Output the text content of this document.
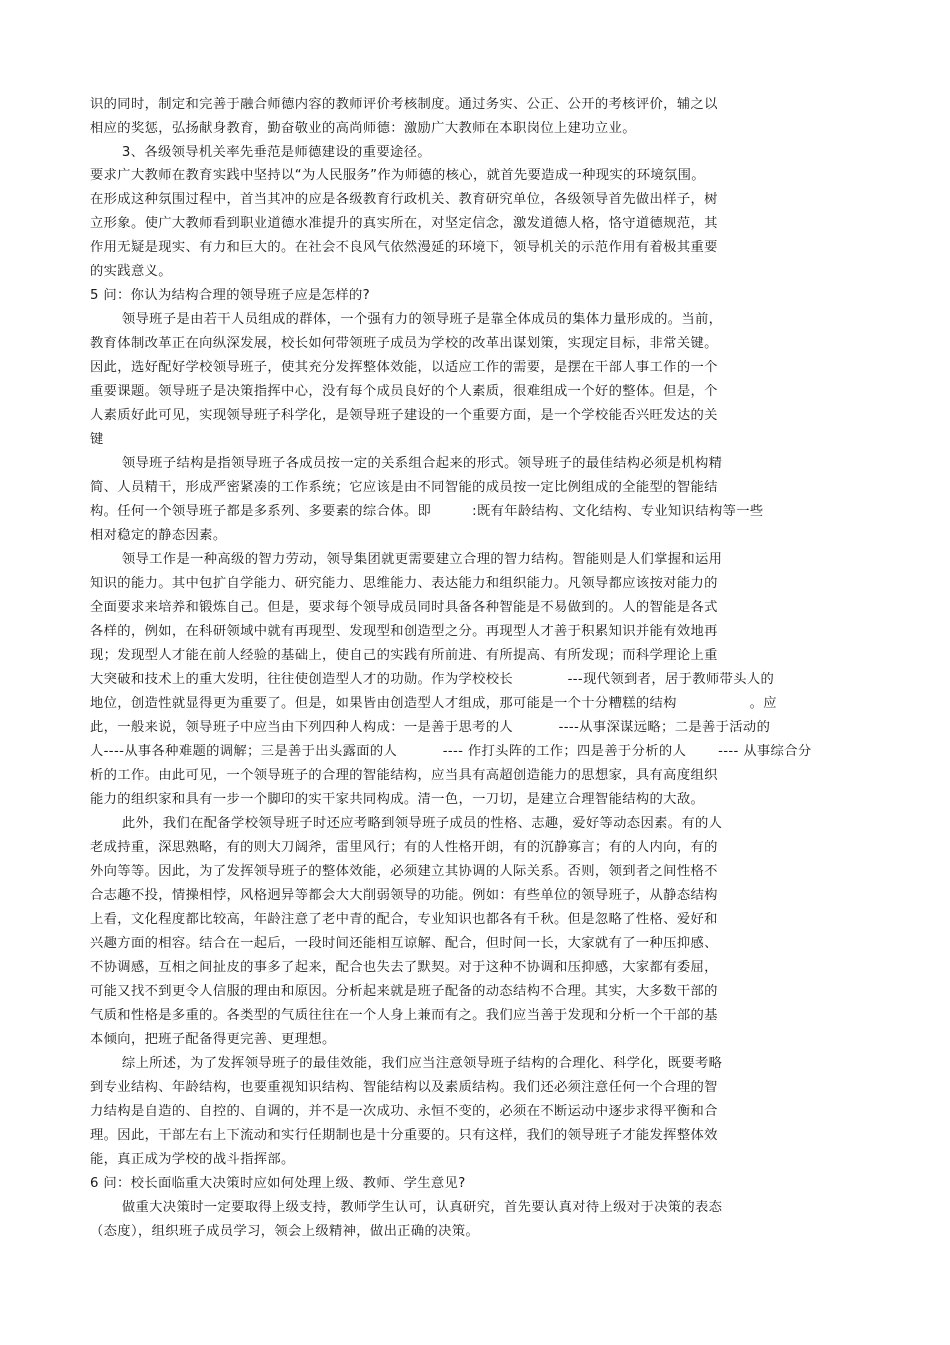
识的同时，制定和完善于融合师德内容的教师评价考核制度。通过务实、公正、公开的考核评价，辅之以
相应的奖惩，弘扬献身教育，勤奋敬业的高尚师德：激励广大教师在本职岗位上建功立业。
　　 3、各级领导机关率先垂范是师德建设的重要途径。
要求广大教师在教育实践中坚持以“为人民服务”作为师德的核心，就首先要造成一种现实的环境氛围。
在形成这种氛围过程中，首当其冲的应是各级教育行政机关、教育研究单位，各级领导首先做出样子，树
立形象。使广大教师看到职业道德水准提升的真实所在，对坚定信念，激发道德人格，恪守道德规范，其
作用无疑是现实、有力和巨大的。在社会不良风气依然漫延的环境下，领导机关的示范作用有着极其重要
的实践意义。
5 问：你认为结构合理的领导班子应是怎样的?
　　 领导班子是由若干人员组成的群体，一个强有力的领导班子是靠全体成员的集体力量形成的。当前，
教育体制改革正在向纵深发展，校长如何带领班子成员为学校的改革出谋划策，实现定目标，非常关键。
因此，选好配好学校领导班子，使其充分发挥整体效能，以适应工作的需要，是摆在干部人事工作的一个
重要课题。领导班子是决策指挥中心，没有每个成员良好的个人素质，很难组成一个好的整体。但是，个
人素质好此可见，实现领导班子科学化，是领导班子建设的一个重要方面，是一个学校能否兴旺发达的关
键
　　 领导班子结构是指领导班子各成员按一定的关系组合起来的形式。领导班子的最佳结构必须是机构精
简、人员精干，形成严密紧凑的工作系统；它应该是由不同智能的成员按一定比例组成的全能型的智能结
构。任何一个领导班子都是多系列、多要素的综合体。即　　　:既有年龄结构、文化结构、专业知识结构等一些
相对稳定的静态因素。
　　 领导工作是一种高级的智力劳动，领导集团就更需要建立合理的智力结构。智能则是人们掌握和运用
知识的能力。其中包扩自学能力、研究能力、思维能力、表达能力和组织能力。凡领导都应该按对能力的
全面要求来培养和锻炼自己。但是，要求每个领导成员同时具备各种智能是不易做到的。人的智能是各式
各样的，例如，在科研领域中就有再现型、发现型和创造型之分。再现型人才善于积累知识并能有效地再
现；发现型人才能在前人经验的基础上，使自己的实践有所前进、有所提高、有所发现；而科学理论上重
大突破和技术上的重大发明，往往使创造型人才的功勋。作为学校校长　　　　---现代领到者，居于教师带头人的
地位，创造性就显得更为重要了。但是，如果皆由创造型人才组成，那可能是一个十分糟糕的结构　　　　　 。应
此，一般来说，领导班子中应当由下列四种人构成：一是善于思考的人　　　 ----从事深谋远略；二是善于活动的
人----从事各种难题的调解；三是善于出头露面的人　　　 ---- 作打头阵的工作；四是善于分析的人　　 ---- 从事综合分
析的工作。由此可见，一个领导班子的合理的智能结构，应当具有高超创造能力的思想家，具有高度组织
能力的组织家和具有一步一个脚印的实干家共同构成。清一色，一刀切，是建立合理智能结构的大敌。
　　 此外，我们在配备学校领导班子时还应考略到领导班子成员的性格、志趣，爱好等动态因素。有的人
老成持重，深思熟略，有的则大刀阔斧，雷里风行；有的人性格开朗，有的沉静寡言；有的人内向，有的
外向等等。因此，为了发挥领导班子的整体效能，必须建立其协调的人际关系。否则，领到者之间性格不
合志趣不投，情操相悖，风格迥异等都会大大削弱领导的功能。例如：有些单位的领导班子，从静态结构
上看，文化程度都比较高，年龄注意了老中青的配合，专业知识也都各有千秋。但是忽略了性格、爱好和
兴趣方面的相容。结合在一起后，一段时间还能相互谅解、配合，但时间一长，大家就有了一种压抑感、
不协调感，互相之间扯皮的事多了起来，配合也失去了默契。对于这种不协调和压抑感，大家都有委屈，
可能又找不到更令人信服的理由和原因。分析起来就是班子配备的动态结构不合理。其实，大多数干部的
气质和性格是多重的。各类型的气质往往在一个人身上兼而有之。我们应当善于发现和分析一个干部的基
本倾向，把班子配备得更完善、更理想。
　　 综上所述，为了发挥领导班子的最佳效能，我们应当注意领导班子结构的合理化、科学化，既要考略
到专业结构、年龄结构，也要重视知识结构、智能结构以及素质结构。我们还必须注意任何一个合理的智
力结构是自造的、自控的、自调的，并不是一次成功、永恒不变的，必须在不断运动中逐步求得平衡和合
理。因此，干部左右上下流动和实行任期制也是十分重要的。只有这样，我们的领导班子才能发挥整体效
能，真正成为学校的战斗指挥部。
6 问：校长面临重大决策时应如何处理上级、教师、学生意见?
　　 做重大决策时一定要取得上级支持，教师学生认可，认真研究，首先要认真对待上级对于决策的表态
（态度），组织班子成员学习，领会上级精神，做出正确的决策。
